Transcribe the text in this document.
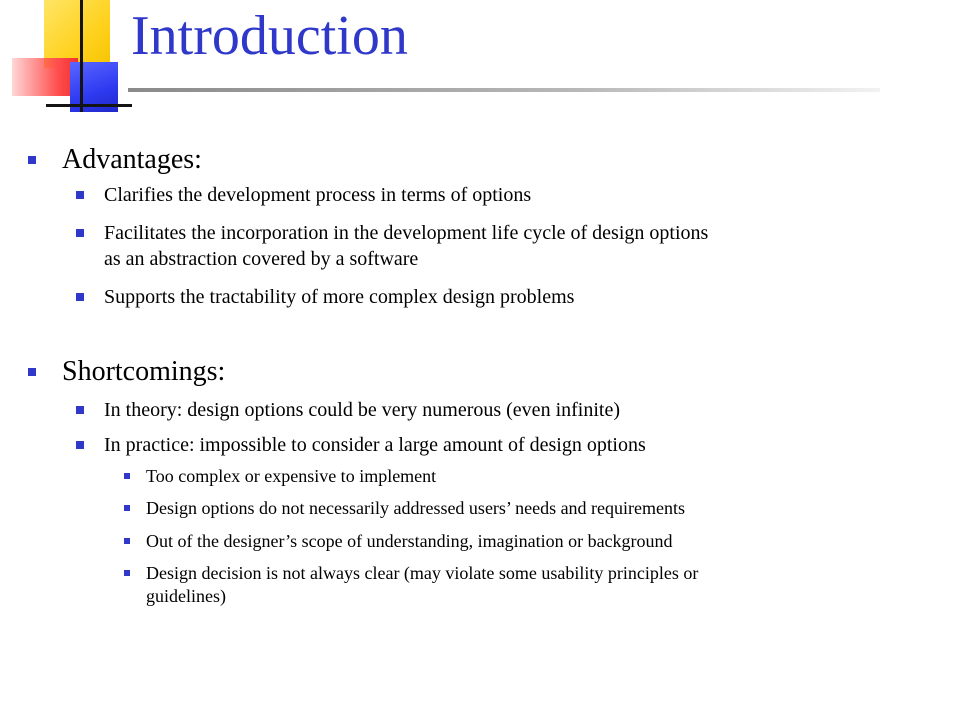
Introduction
Advantages:
Clarifies the development process in terms of options
Facilitates the incorporation in the development life cycle of design options
as an abstraction covered by a software
Supports the tractability of more complex design problems
Shortcomings:
In theory: design options could be very numerous (even infinite)
In practice: impossible to consider a large amount of design options
Too complex or expensive to implement
Design options do not necessarily addressed users’ needs and requirements
Out of the designer’s scope of understanding, imagination or background
Design decision is not always clear (may violate some usability principles or
guidelines)
